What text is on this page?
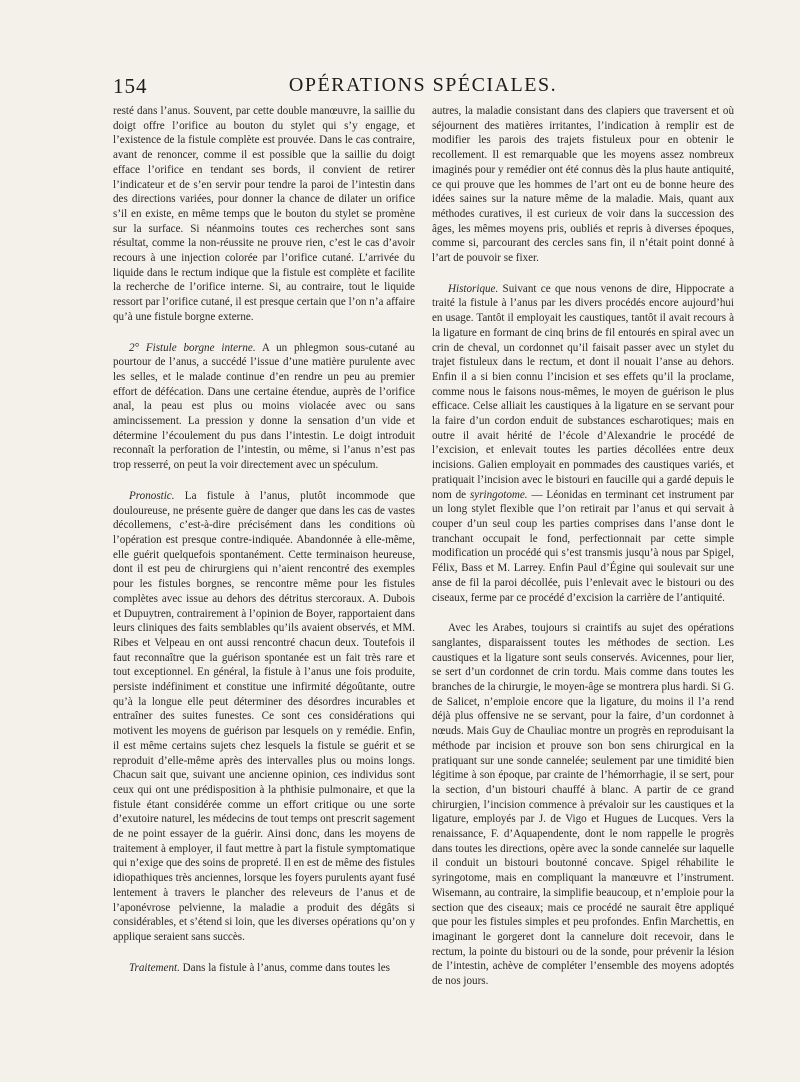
154	OPÉRATIONS SPÉCIALES.

resté dans l’anus. Souvent, par cette double manœuvre, la saillie du doigt offre l’orifice au bouton du stylet qui s’y engage, et l’existence de la fistule complète est prouvée. Dans le cas contraire, avant de renoncer, comme il est possible que la saillie du doigt efface l’orifice en tendant ses bords, il convient de retirer l’indicateur et de s’en servir pour tendre la paroi de l’intestin dans des directions variées, pour donner la chance de dilater un orifice s’il en existe, en même temps que le bouton du stylet se promène sur la surface. Si néanmoins toutes ces recherches sont sans résultat, comme la non-réussite ne prouve rien, c’est le cas d’avoir recours à une injection colorée par l’orifice cutané. L’arrivée du liquide dans le rectum indique que la fistule est complète et facilite la recherche de l’orifice interne. Si, au contraire, tout le liquide ressort par l’orifice cutané, il est presque certain que l’on n’a affaire qu’à une fistule borgne externe.

2° Fistule borgne interne. A un phlegmon sous-cutané au pourtour de l’anus, a succédé l’issue d’une matière purulente avec les selles, et le malade continue d’en rendre un peu au premier effort de défécation. Dans une certaine étendue, auprès de l’orifice anal, la peau est plus ou moins violacée avec ou sans amincissement. La pression y donne la sensation d’un vide et détermine l’écoulement du pus dans l’intestin. Le doigt introduit reconnaît la perforation de l’intestin, ou même, si l’anus n’est pas trop resserré, on peut la voir directement avec un spéculum.

Pronostic. La fistule à l’anus, plutôt incommode que douloureuse, ne présente guère de danger que dans les cas de vastes décollemens, c’est-à-dire précisément dans les conditions où l’opération est presque contre-indiquée. Abandonnée à elle-même, elle guérit quelquefois spontanément. Cette terminaison heureuse, dont il est peu de chirurgiens qui n’aient rencontré des exemples pour les fistules borgnes, se rencontre même pour les fistules complètes avec issue au dehors des détritus stercoraux. A. Dubois et Dupuytren, contrairement à l’opinion de Boyer, rapportaient dans leurs cliniques des faits semblables qu’ils avaient observés, et MM. Ribes et Velpeau en ont aussi rencontré chacun deux. Toutefois il faut reconnaître que la guérison spontanée est un fait très rare et tout exceptionnel. En général, la fistule à l’anus une fois produite, persiste indéfiniment et constitue une infirmité dégoûtante, outre qu’à la longue elle peut déterminer des désordres incurables et entraîner des suites funestes. Ce sont ces considérations qui motivent les moyens de guérison par lesquels on y remédie. Enfin, il est même certains sujets chez lesquels la fistule se guérit et se reproduit d’elle-même après des intervalles plus ou moins longs. Chacun sait que, suivant une ancienne opinion, ces individus sont ceux qui ont une prédisposition à la phthisie pulmonaire, et que la fistule étant considérée comme un effort critique ou une sorte d’exutoire naturel, les médecins de tout temps ont prescrit sagement de ne point essayer de la guérir. Ainsi donc, dans les moyens de traitement à employer, il faut mettre à part la fistule symptomatique qui n’exige que des soins de propreté. Il en est de même des fistules idiopathiques très anciennes, lorsque les foyers purulents ayant fusé lentement à travers le plancher des releveurs de l’anus et de l’aponévrose pelvienne, la maladie a produit des dégâts si considérables, et s’étend si loin, que les diverses opérations qu’on y applique seraient sans succès.

Traitement. Dans la fistule à l’anus, comme dans toutes les

autres, la maladie consistant dans des clapiers que traversent et où séjournent des matières irritantes, l’indication à remplir est de modifier les parois des trajets fistuleux pour en obtenir le recollement. Il est remarquable que les moyens assez nombreux imaginés pour y remédier ont été connus dès la plus haute antiquité, ce qui prouve que les hommes de l’art ont eu de bonne heure des idées saines sur la nature même de la maladie. Mais, quant aux méthodes curatives, il est curieux de voir dans la succession des âges, les mêmes moyens pris, oubliés et repris à diverses époques, comme si, parcourant des cercles sans fin, il n’était point donné à l’art de pouvoir se fixer.

Historique. Suivant ce que nous venons de dire, Hippocrate a traité la fistule à l’anus par les divers procédés encore aujourd’hui en usage. Tantôt il employait les caustiques, tantôt il avait recours à la ligature en formant de cinq brins de fil entourés en spiral avec un crin de cheval, un cordonnet qu’il faisait passer avec un stylet du trajet fistuleux dans le rectum, et dont il nouait l’anse au dehors. Enfin il a si bien connu l’incision et ses effets qu’il la proclame, comme nous le faisons nous-mêmes, le moyen de guérison le plus efficace. Celse alliait les caustiques à la ligature en se servant pour la faire d’un cordon enduit de substances escharotiques; mais en outre il avait hérité de l’école d’Alexandrie le procédé de l’excision, et enlevait toutes les parties décollées entre deux incisions. Galien employait en pommades des caustiques variés, et pratiquait l’incision avec le bistouri en faucille qui a gardé depuis le nom de syringotome. — Léonidas en terminant cet instrument par un long stylet flexible que l’on retirait par l’anus et qui servait à couper d’un seul coup les parties comprises dans l’anse dont le tranchant occupait le fond, perfectionnait par cette simple modification un procédé qui s’est transmis jusqu’à nous par Spigel, Félix, Bass et M. Larrey. Enfin Paul d’Égine qui soulevait sur une anse de fil la paroi décollée, puis l’enlevait avec le bistouri ou des ciseaux, ferme par ce procédé d’excision la carrière de l’antiquité.

Avec les Arabes, toujours si craintifs au sujet des opérations sanglantes, disparaissent toutes les méthodes de section. Les caustiques et la ligature sont seuls conservés. Avicennes, pour lier, se sert d’un cordonnet de crin tordu. Mais comme dans toutes les branches de la chirurgie, le moyen-âge se montrera plus hardi. Si G. de Salicet, n’emploie encore que la ligature, du moins il l’a rend déjà plus offensive ne se servant, pour la faire, d’un cordonnet à nœuds. Mais Guy de Chauliac montre un progrès en reproduisant la méthode par incision et prouve son bon sens chirurgical en la pratiquant sur une sonde cannelée; seulement par une timidité bien légitime à son époque, par crainte de l’hémorrhagie, il se sert, pour la section, d’un bistouri chauffé à blanc. A partir de ce grand chirurgien, l’incision commence à prévaloir sur les caustiques et la ligature, employés par J. de Vigo et Hugues de Lucques. Vers la renaissance, F. d’Aquapendente, dont le nom rappelle le progrès dans toutes les directions, opère avec la sonde cannelée sur laquelle il conduit un bistouri boutonné concave. Spigel réhabilite le syringotome, mais en compliquant la manœuvre et l’instrument. Wisemann, au contraire, la simplifie beaucoup, et n’emploie pour la section que des ciseaux; mais ce procédé ne saurait être appliqué que pour les fistules simples et peu profondes. Enfin Marchettis, en imaginant le gorgeret dont la cannelure doit recevoir, dans le rectum, la pointe du bistouri ou de la sonde, pour prévenir la lésion de l’intestin, achève de compléter l’ensemble des moyens adoptés de nos jours.
